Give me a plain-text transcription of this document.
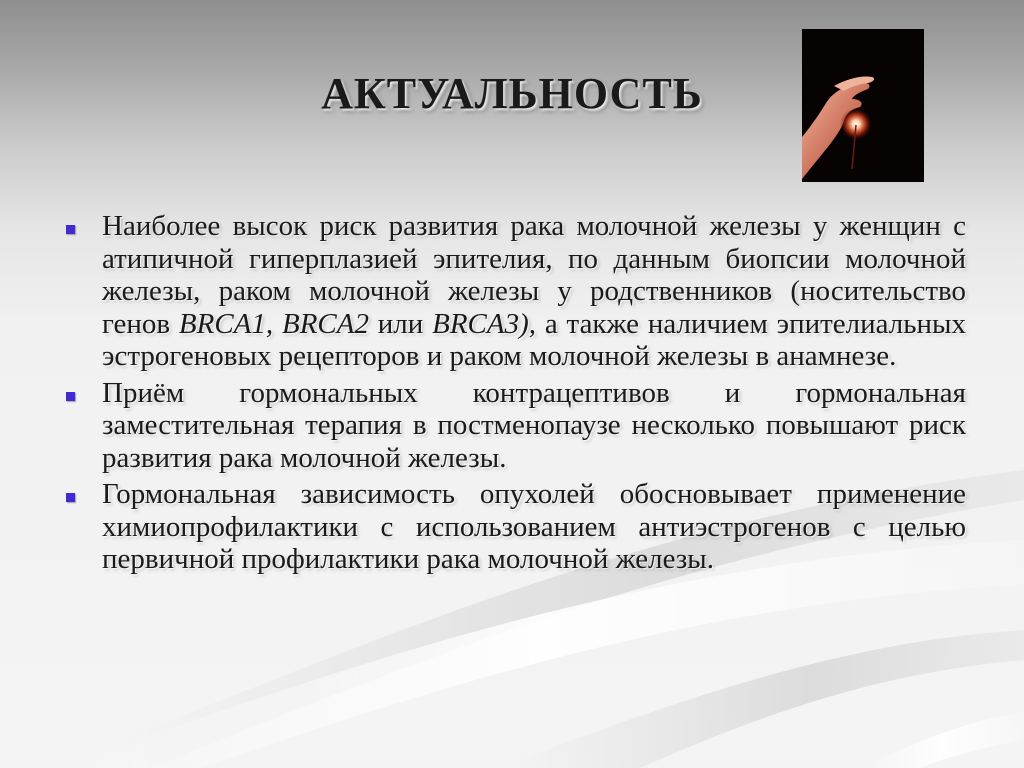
АКТУАЛЬНОСТЬ
Наиболее высок риск развития рака молочной железы у женщин с атипичной гиперплазией эпителия, по данным биопсии молочной железы, раком молочной железы у родственников (носительство генов BRCA1, BRCA2 или BRCA3), а также наличием эпителиальных эстрогеновых рецепторов и раком молочной железы в анамнезе.
Приём гормональных контрацептивов и гормональная заместительная терапия в постменопаузе несколько повышают риск развития рака молочной железы.
Гормональная зависимость опухолей обосновывает применение химиопрофилактики с использованием антиэстрогенов с целью первичной профилактики рака молочной железы.
